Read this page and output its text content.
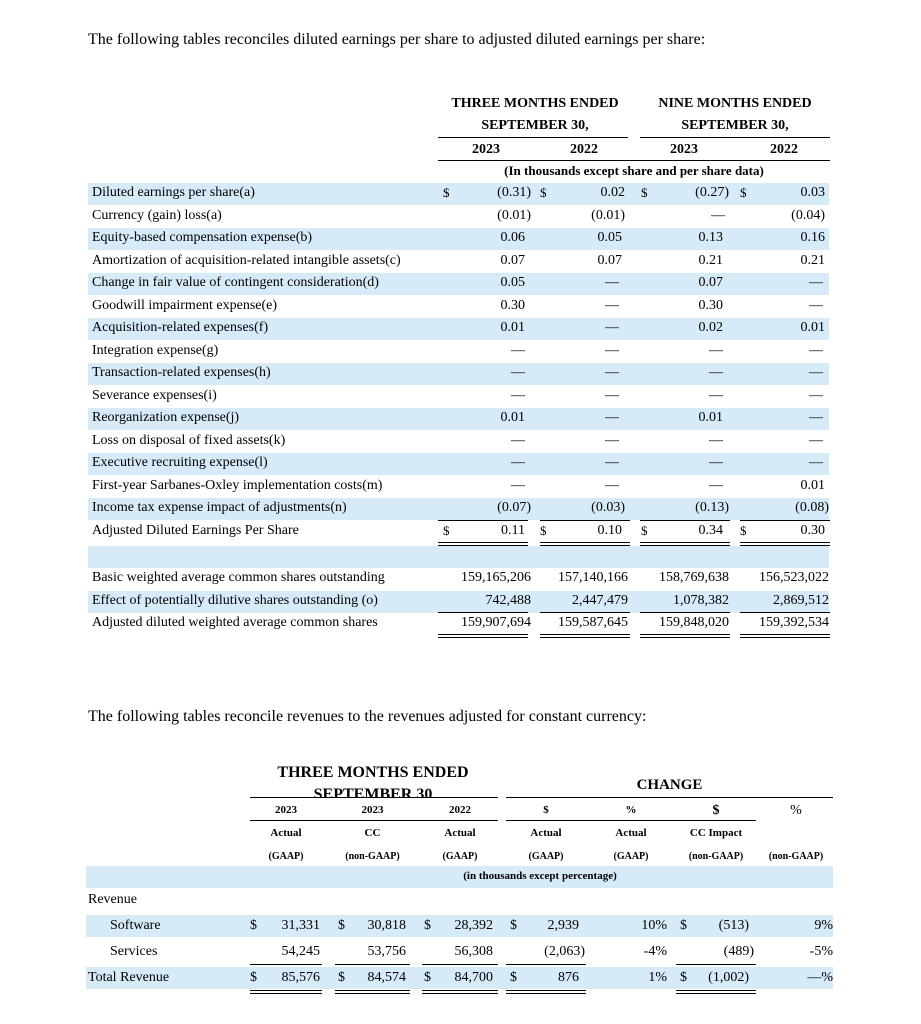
The following tables reconciles diluted earnings per share to adjusted diluted earnings per share:
THREE MONTHS ENDED
SEPTEMBER 30,
NINE MONTHS ENDED
SEPTEMBER 30,
2023	2022	2023	2022
(In thousands except share and per share data)
Diluted earnings per share(a)	$	(0.31) $	0.02 $	(0.27) $	0.03
Currency (gain) loss(a)	(0.01)	(0.01)	—	(0.04)
Equity-based compensation expense(b)	0.06	0.05	0.13	0.16
Amortization of acquisition-related intangible assets(c)	0.07	0.07	0.21	0.21
Change in fair value of contingent consideration(d)	0.05	—	0.07	—
Goodwill impairment expense(e)	0.30	—	0.30	—
Acquisition-related expenses(f)	0.01	—	0.02	0.01
Integration expense(g)	—	—	—	—
Transaction-related expenses(h)	—	—	—	—
Severance expenses(i)	—	—	—	—
Reorganization expense(j)	0.01	—	0.01	—
Loss on disposal of fixed assets(k)	—	—	—	—
Executive recruiting expense(l)	—	—	—	—
First-year Sarbanes-Oxley implementation costs(m)	—	—	—	0.01
Income tax expense impact of adjustments(n)	(0.07)	(0.03)	(0.13)	(0.08)
Adjusted Diluted Earnings Per Share	$	0.11 $	0.10 $	0.34 $	0.30
Basic weighted average common shares outstanding	159,165,206 157,140,166 158,769,638 156,523,022
Effect of potentially dilutive shares outstanding (o)	742,488	2,447,479	1,078,382	2,869,512
Adjusted diluted weighted average common shares	159,907,694 159,587,645 159,848,020 159,392,534
The following tables reconcile revenues to the revenues adjusted for constant currency:
THREE MONTHS ENDED
SEPTEMBER 30
CHANGE
2023	2023	2022	$	%	$	%
Actual	CC	Actual	Actual	Actual	CC Impact
(GAAP)	(non-GAAP)	(GAAP)	(GAAP)	(GAAP)	(non-GAAP)	(non-GAAP)
(in thousands except percentage)
Revenue
Software	$ 31,331 $ 30,818 $ 28,392 $ 2,939	10% $ (513)	9%
Services	54,245	53,756	56,308	(2,063)	-4%	(489)	-5%
Total Revenue	$ 85,576 $ 84,574 $ 84,700 $	876	1% $ (1,002)	—%
